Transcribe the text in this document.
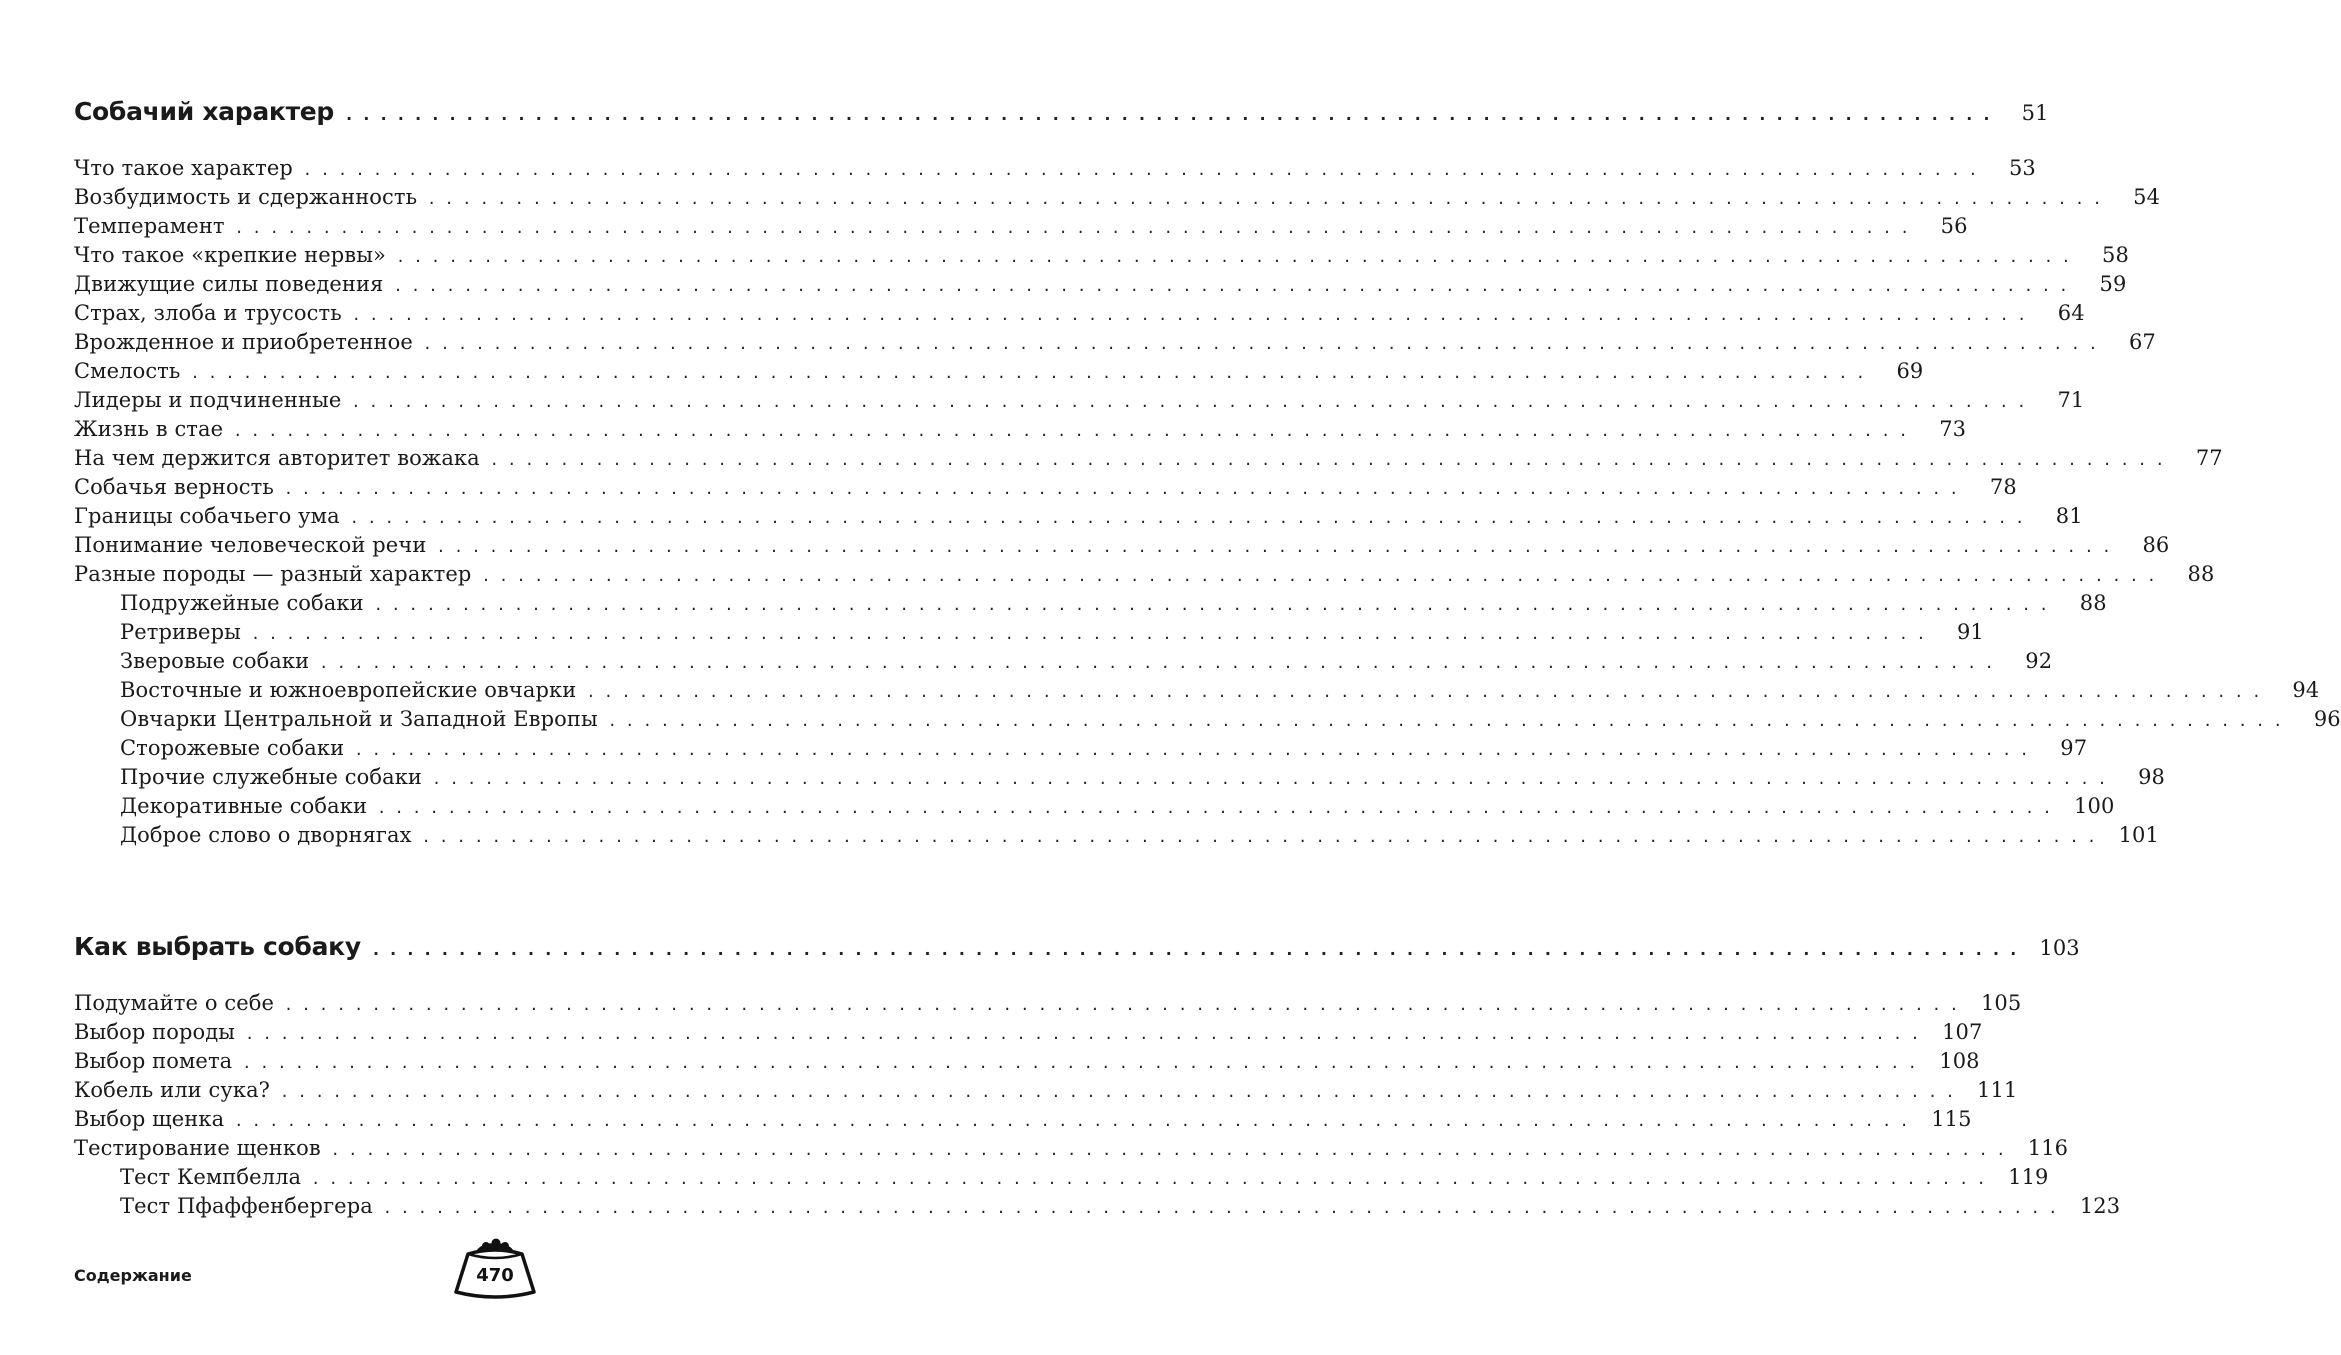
Собачий характер ................................................................................................	51
Что такое характер ................................................................................................	53
Возбудимость и сдержанность ................................................................................................	54
Темперамент ................................................................................................	56
Что такое «крепкие нервы» ................................................................................................	58
Движущие силы поведения ................................................................................................	59
Страх, злоба и трусость ................................................................................................	64
Врожденное и приобретенное ................................................................................................	67
Смелость ................................................................................................	69
Лидеры и подчиненные ................................................................................................	71
Жизнь в стае ................................................................................................	73
На чем держится авторитет вожака ................................................................................................	77
Собачья верность ................................................................................................	78
Границы собачьего ума ................................................................................................	81
Понимание человеческой речи ................................................................................................	86
Разные породы — разный характер ................................................................................................	88
Подружейные собаки ................................................................................................	88
Ретриверы ................................................................................................	91
Зверовые собаки ................................................................................................	92
Восточные и южноевропейские овчарки ................................................................................................	94
Овчарки Центральной и Западной Европы ................................................................................................	96
Сторожевые собаки ................................................................................................	97
Прочие служебные собаки ................................................................................................	98
Декоративные собаки ................................................................................................ 100
Доброе слово о дворнягах ................................................................................................ 101
Как выбрать собаку ................................................................................................ 103
Подумайте о себе ................................................................................................ 105
Выбор породы ................................................................................................ 107
Выбор помета ................................................................................................ 108
Кобель или сука? ................................................................................................ 111
Выбор щенка ................................................................................................ 115
Тестирование щенков ................................................................................................ 116
Тест Кемпбелла ................................................................................................ 119
Тест Пфаффенбергера ................................................................................................ 123
Содержание	470
